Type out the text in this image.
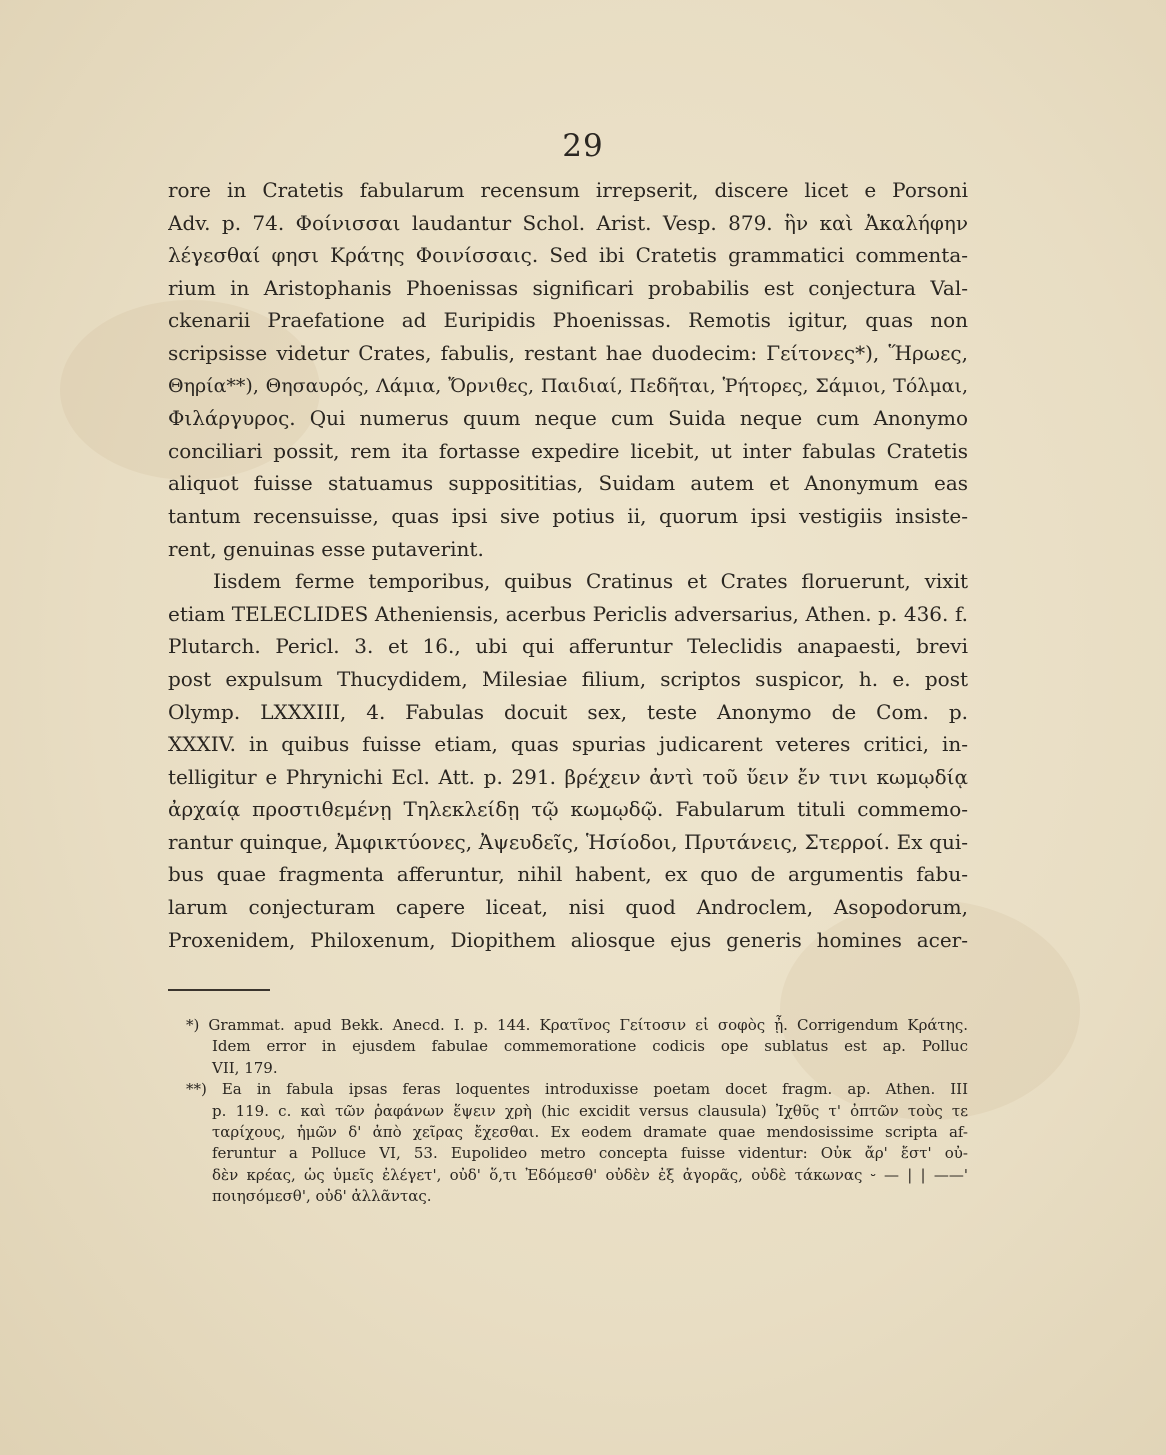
29
rore in Cratetis fabularum recensum irrepserit, discere licet e Porsoni
Adv. p. 74. Φοίνισσαι laudantur Schol. Arist. Vesp. 879. ἣν καὶ Ἀκαλήφην
λέγεσθαί φησι Κράτης Φοινίσσαις. Sed ibi Cratetis grammatici commenta-
rium in Aristophanis Phoenissas significari probabilis est conjectura Val-
ckenarii Praefatione ad Euripidis Phoenissas. Remotis igitur, quas non
scripsisse videtur Crates, fabulis, restant hae duodecim: Γείτονες*), Ἥρωες,
Θηρία**), Θησαυρός, Λάμια, Ὄρνιθες, Παιδιαί, Πεδῆται, Ῥήτορες, Σάμιοι, Τόλμαι,
Φιλάργυρος. Qui numerus quum neque cum Suida neque cum Anonymo
conciliari possit, rem ita fortasse expedire licebit, ut inter fabulas Cratetis
aliquot fuisse statuamus supposititias, Suidam autem et Anonymum eas
tantum recensuisse, quas ipsi sive potius ii, quorum ipsi vestigiis insiste-
rent, genuinas esse putaverint.
Iisdem ferme temporibus, quibus Cratinus et Crates floruerunt, vixit
etiam TELECLIDES Atheniensis, acerbus Periclis adversarius, Athen. p. 436. f.
Plutarch. Pericl. 3. et 16., ubi qui afferuntur Teleclidis anapaesti, brevi
post expulsum Thucydidem, Milesiae filium, scriptos suspicor, h. e. post
Olymp. LXXXIII, 4. Fabulas docuit sex, teste Anonymo de Com. p.
XXXIV. in quibus fuisse etiam, quas spurias judicarent veteres critici, in-
telligitur e Phrynichi Ecl. Att. p. 291. βρέχειν ἀντὶ τοῦ ὕειν ἔν τινι κωμῳδίᾳ
ἀρχαίᾳ προστιθεμένῃ Τηλεκλείδῃ τῷ κωμῳδῷ. Fabularum tituli commemo-
rantur quinque, Ἀμφικτύονες, Ἀψευδεῖς, Ἡσίοδοι, Πρυτάνεις, Στερροί. Ex qui-
bus quae fragmenta afferuntur, nihil habent, ex quo de argumentis fabu-
larum conjecturam capere liceat, nisi quod Androclem, Asopodorum,
Proxenidem, Philoxenum, Diopithem aliosque ejus generis homines acer-
*) Grammat. apud Bekk. Anecd. I. p. 144. Κρατῖνος Γείτοσιν εἰ σοφὸς ᾖ. Corrigendum Κράτης.
Idem error in ejusdem fabulae commemoratione codicis ope sublatus est ap. Polluc
VII, 179.
**) Ea in fabula ipsas feras loquentes introduxisse poetam docet fragm. ap. Athen. III
p. 119. c. καὶ τῶν ῥαφάνων ἕψειν χρὴ (hic excidit versus clausula) Ἰχθῦς τ' ὀπτῶν τοὺς τε
ταρίχους, ἡμῶν δ' ἀπὸ χεῖρας ἔχεσθαι. Ex eodem dramate quae mendosissime scripta af-
feruntur a Polluce VI, 53. Eupolideo metro concepta fuisse videntur: Οὐκ ἄρ' ἔστ' οὐ-
δὲν κρέας, ὡς ὑμεῖς ἐλέγετ', οὐδ' ὅ,τι Ἐδόμεσθ' οὐδὲν ἐξ ἀγορᾶς, οὐδὲ τάκωνας ⏑ — | | ——'
ποιησόμεσθ', οὐδ' ἀλλᾶντας.
